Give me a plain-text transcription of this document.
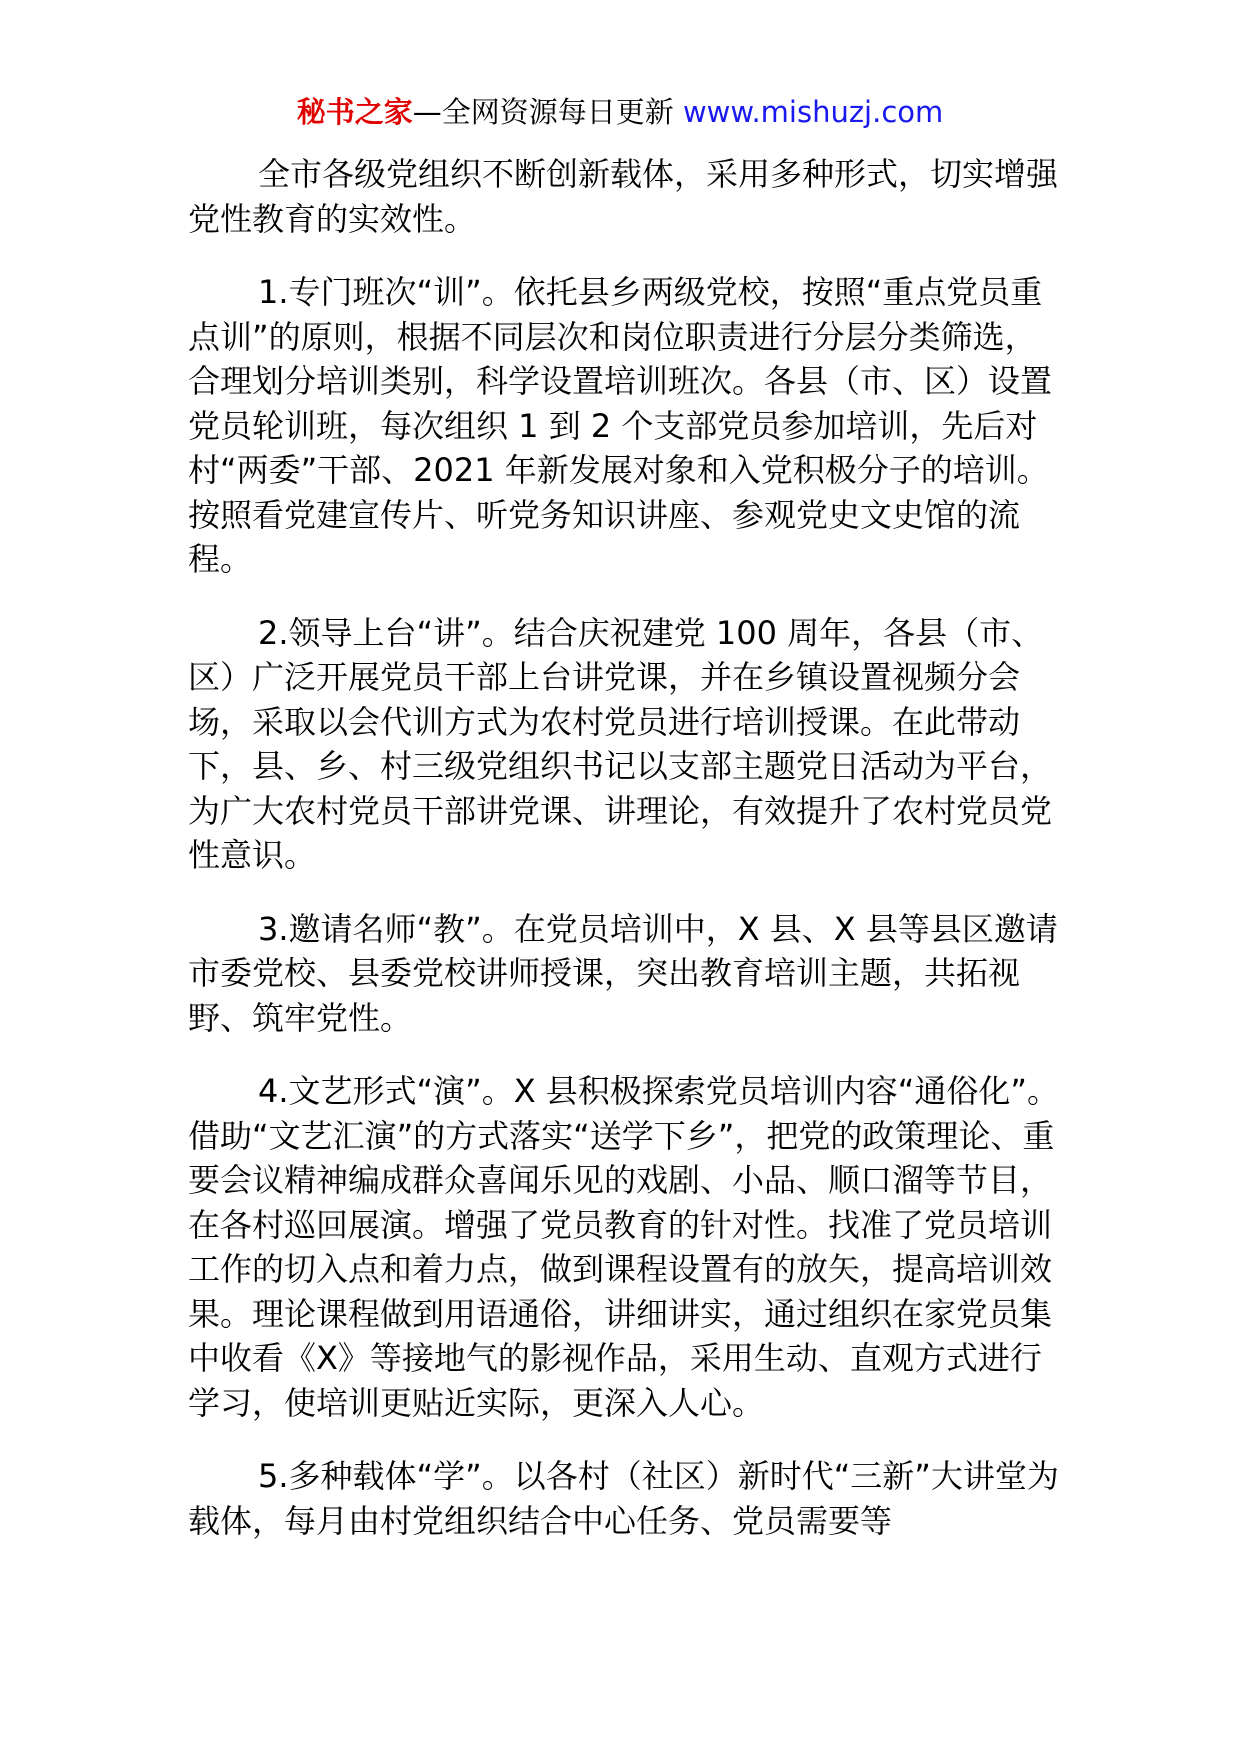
秘书之家—全网资源每日更新 www.mishuzj.com

全市各级党组织不断创新载体，采用多种形式，切实增强党性教育的实效性。

1.专门班次“训”。依托县乡两级党校，按照“重点党员重点训”的原则，根据不同层次和岗位职责进行分层分类筛选，合理划分培训类别，科学设置培训班次。各县（市、区）设置党员轮训班，每次组织 1 到 2 个支部党员参加培训，先后对村“两委”干部、2021 年新发展对象和入党积极分子的培训。按照看党建宣传片、听党务知识讲座、参观党史文史馆的流程。

2.领导上台“讲”。结合庆祝建党 100 周年，各县（市、区）广泛开展党员干部上台讲党课，并在乡镇设置视频分会场，采取以会代训方式为农村党员进行培训授课。在此带动下，县、乡、村三级党组织书记以支部主题党日活动为平台，为广大农村党员干部讲党课、讲理论，有效提升了农村党员党性意识。

3.邀请名师“教”。在党员培训中，X 县、X 县等县区邀请市委党校、县委党校讲师授课，突出教育培训主题，共拓视野、筑牢党性。

4.文艺形式“演”。X 县积极探索党员培训内容“通俗化”。借助“文艺汇演”的方式落实“送学下乡”，把党的政策理论、重要会议精神编成群众喜闻乐见的戏剧、小品、顺口溜等节目，在各村巡回展演。增强了党员教育的针对性。找准了党员培训工作的切入点和着力点，做到课程设置有的放矢，提高培训效果。理论课程做到用语通俗，讲细讲实，通过组织在家党员集中收看《X》等接地气的影视作品，采用生动、直观方式进行学习，使培训更贴近实际，更深入人心。

5.多种载体“学”。以各村（社区）新时代“三新”大讲堂为载体，每月由村党组织结合中心任务、党员需要等
